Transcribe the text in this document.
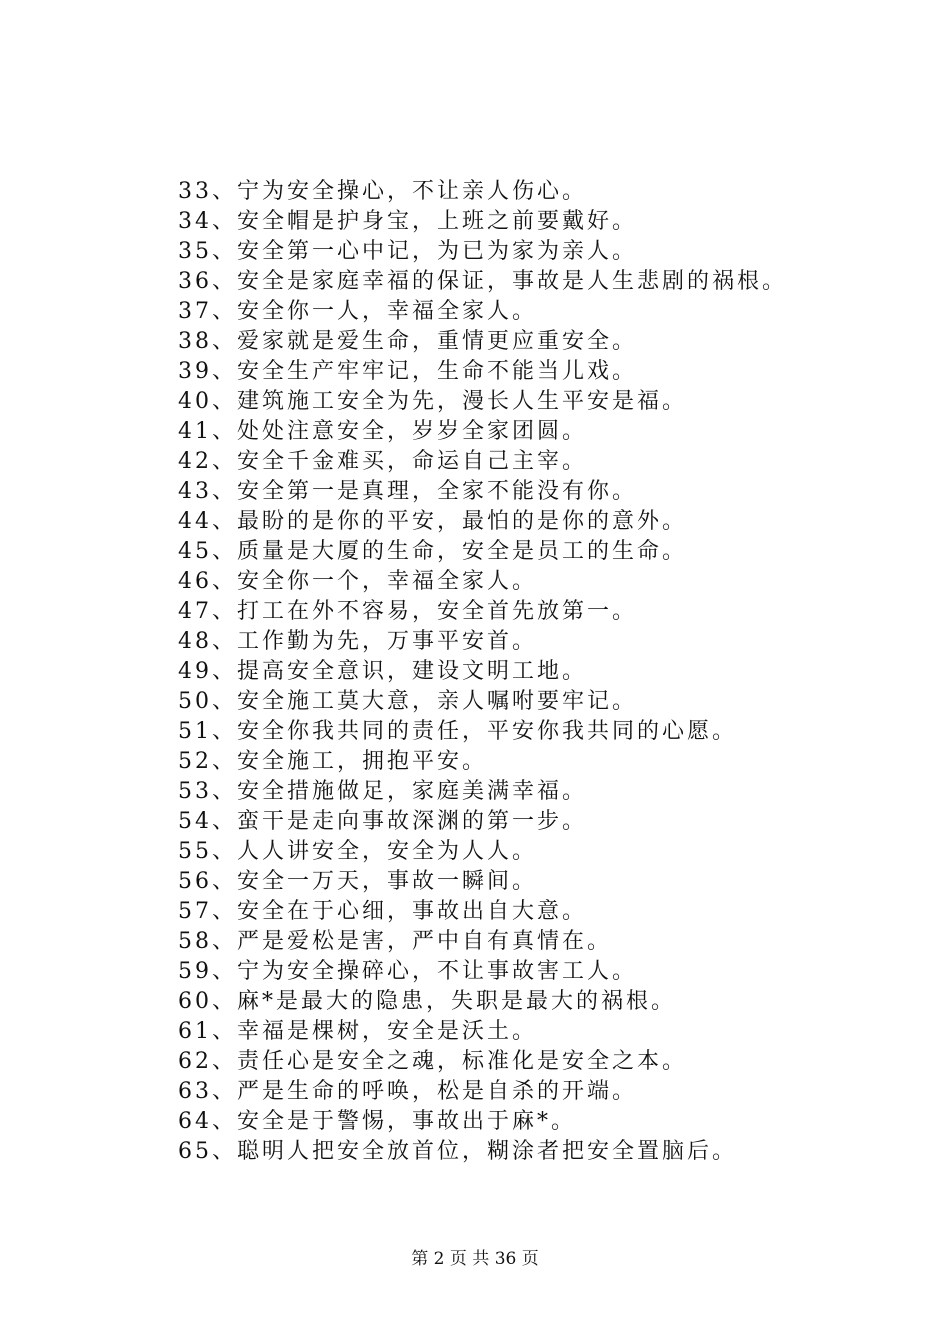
33、宁为安全操心，不让亲人伤心。
34、安全帽是护身宝，上班之前要戴好。
35、安全第一心中记，为已为家为亲人。
36、安全是家庭幸福的保证，事故是人生悲剧的祸根。
37、安全你一人，幸福全家人。
38、爱家就是爱生命，重情更应重安全。
39、安全生产牢牢记，生命不能当儿戏。
40、建筑施工安全为先，漫长人生平安是福。
41、处处注意安全，岁岁全家团圆。
42、安全千金难买，命运自己主宰。
43、安全第一是真理，全家不能没有你。
44、最盼的是你的平安，最怕的是你的意外。
45、质量是大厦的生命，安全是员工的生命。
46、安全你一个，幸福全家人。
47、打工在外不容易，安全首先放第一。
48、工作勤为先，万事平安首。
49、提高安全意识，建设文明工地。
50、安全施工莫大意，亲人嘱咐要牢记。
51、安全你我共同的责任，平安你我共同的心愿。
52、安全施工，拥抱平安。
53、安全措施做足，家庭美满幸福。
54、蛮干是走向事故深渊的第一步。
55、人人讲安全，安全为人人。
56、安全一万天，事故一瞬间。
57、安全在于心细，事故出自大意。
58、严是爱松是害，严中自有真情在。
59、宁为安全操碎心，不让事故害工人。
60、麻*是最大的隐患，失职是最大的祸根。
61、幸福是棵树，安全是沃土。
62、责任心是安全之魂，标准化是安全之本。
63、严是生命的呼唤，松是自杀的开端。
64、安全是于警惕，事故出于麻*。
65、聪明人把安全放首位，糊涂者把安全置脑后。
第 2 页 共 36 页
